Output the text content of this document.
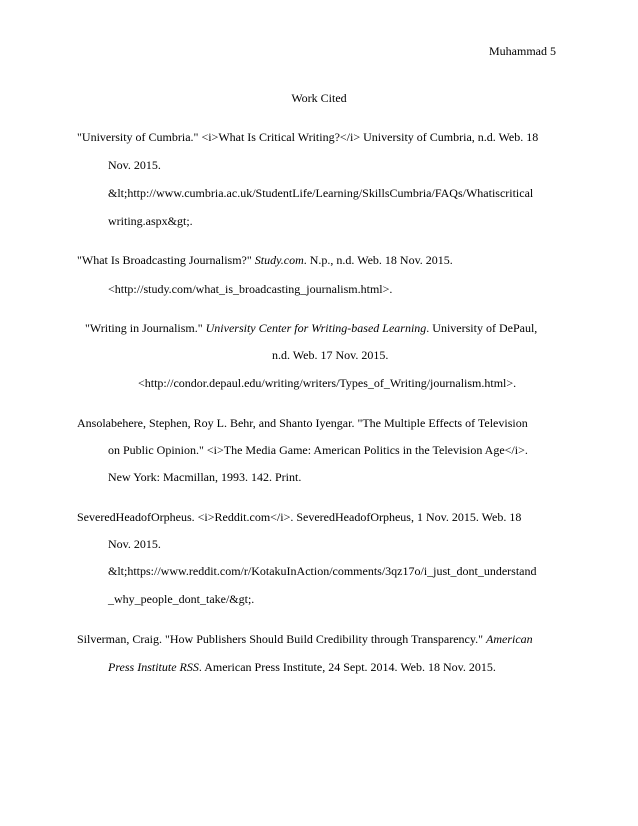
Muhammad 5
Work Cited
"University of Cumbria." <i>What Is Critical Writing?</i> University of Cumbria, n.d. Web. 18
Nov. 2015.
&lt;http://www.cumbria.ac.uk/StudentLife/Learning/SkillsCumbria/FAQs/Whatiscritical
writing.aspx&gt;.
"What Is Broadcasting Journalism?" Study.com. N.p., n.d. Web. 18 Nov. 2015.
<http://study.com/what_is_broadcasting_journalism.html>.
"Writing in Journalism." University Center for Writing-based Learning. University of DePaul,
n.d. Web. 17 Nov. 2015.
<http://condor.depaul.edu/writing/writers/Types_of_Writing/journalism.html>.
Ansolabehere, Stephen, Roy L. Behr, and Shanto Iyengar. "The Multiple Effects of Television
on Public Opinion." <i>The Media Game: American Politics in the Television Age</i>.
New York: Macmillan, 1993. 142. Print.
SeveredHeadofOrpheus. <i>Reddit.com</i>. SeveredHeadofOrpheus, 1 Nov. 2015. Web. 18
Nov. 2015.
&lt;https://www.reddit.com/r/KotakuInAction/comments/3qz17o/i_just_dont_understand
_why_people_dont_take/&gt;.
Silverman, Craig. "How Publishers Should Build Credibility through Transparency." American
Press Institute RSS. American Press Institute, 24 Sept. 2014. Web. 18 Nov. 2015.
